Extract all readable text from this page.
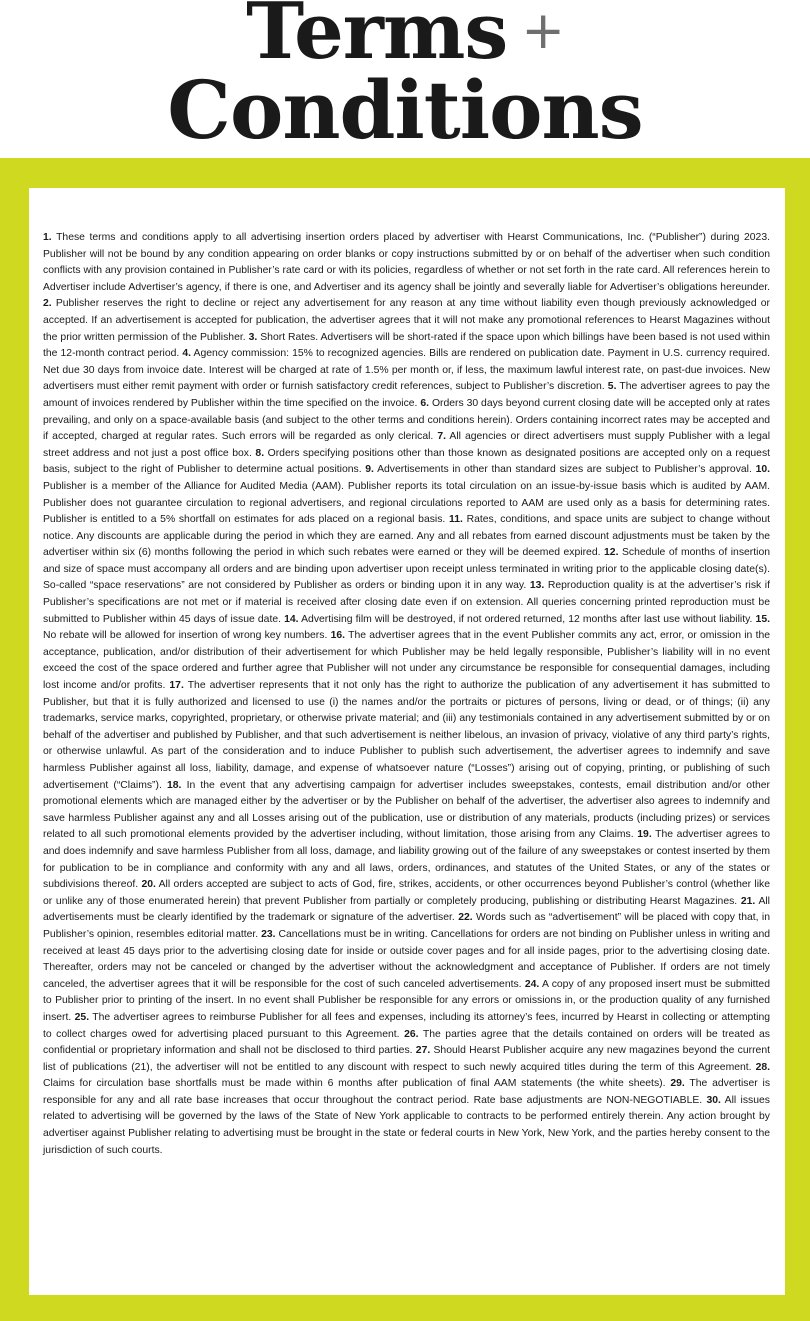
Terms +
Conditions

1. These terms and conditions apply to all advertising insertion orders placed by advertiser with Hearst Communications, Inc. (“Publisher”) during 2023. Publisher will not be bound by any condition appearing on order blanks or copy instructions submitted by or on behalf of the advertiser when such condition conflicts with any provision contained in Publisher’s rate card or with its policies, regardless of whether or not set forth in the rate card. All references herein to Advertiser include Advertiser’s agency, if there is one, and Advertiser and its agency shall be jointly and severally liable for Advertiser’s obligations hereunder. 2. Publisher reserves the right to decline or reject any advertisement for any reason at any time without liability even though previously acknowledged or accepted. If an advertisement is accepted for publication, the advertiser agrees that it will not make any promotional references to Hearst Magazines without the prior written permission of the Publisher. 3. Short Rates. Advertisers will be short-rated if the space upon which billings have been based is not used within the 12-month contract period. 4. Agency commission: 15% to recognized agencies. Bills are rendered on publication date. Payment in U.S. currency required. Net due 30 days from invoice date. Interest will be charged at rate of 1.5% per month or, if less, the maximum lawful interest rate, on past-due invoices. New advertisers must either remit payment with order or furnish satisfactory credit references, subject to Publisher’s discretion. 5. The advertiser agrees to pay the amount of invoices rendered by Publisher within the time specified on the invoice. 6. Orders 30 days beyond current closing date will be accepted only at rates prevailing, and only on a space-available basis (and subject to the other terms and conditions herein). Orders containing incorrect rates may be accepted and if accepted, charged at regular rates. Such errors will be regarded as only clerical. 7. All agencies or direct advertisers must supply Publisher with a legal street address and not just a post office box. 8. Orders specifying positions other than those known as designated positions are accepted only on a request basis, subject to the right of Publisher to determine actual positions. 9. Advertisements in other than standard sizes are subject to Publisher’s approval. 10. Publisher is a member of the Alliance for Audited Media (AAM). Publisher reports its total circulation on an issue-by-issue basis which is audited by AAM. Publisher does not guarantee circulation to regional advertisers, and regional circulations reported to AAM are used only as a basis for determining rates. Publisher is entitled to a 5% shortfall on estimates for ads placed on a regional basis. 11. Rates, conditions, and space units are subject to change without notice. Any discounts are applicable during the period in which they are earned. Any and all rebates from earned discount adjustments must be taken by the advertiser within six (6) months following the period in which such rebates were earned or they will be deemed expired. 12. Schedule of months of insertion and size of space must accompany all orders and are binding upon advertiser upon receipt unless terminated in writing prior to the applicable closing date(s). So-called “space reservations” are not considered by Publisher as orders or binding upon it in any way. 13. Reproduction quality is at the advertiser’s risk if Publisher’s specifications are not met or if material is received after closing date even if on extension. All queries concerning printed reproduction must be submitted to Publisher within 45 days of issue date. 14. Advertising film will be destroyed, if not ordered returned, 12 months after last use without liability. 15. No rebate will be allowed for insertion of wrong key numbers. 16. The advertiser agrees that in the event Publisher commits any act, error, or omission in the acceptance, publication, and/or distribution of their advertisement for which Publisher may be held legally responsible, Publisher’s liability will in no event exceed the cost of the space ordered and further agree that Publisher will not under any circumstance be responsible for consequential damages, including lost income and/or profits. 17. The advertiser represents that it not only has the right to authorize the publication of any advertisement it has submitted to Publisher, but that it is fully authorized and licensed to use (i) the names and/or the portraits or pictures of persons, living or dead, or of things; (ii) any trademarks, service marks, copyrighted, proprietary, or otherwise private material; and (iii) any testimonials contained in any advertisement submitted by or on behalf of the advertiser and published by Publisher, and that such advertisement is neither libelous, an invasion of privacy, violative of any third party’s rights, or otherwise unlawful. As part of the consideration and to induce Publisher to publish such advertisement, the advertiser agrees to indemnify and save harmless Publisher against all loss, liability, damage, and expense of whatsoever nature (“Losses”) arising out of copying, printing, or publishing of such advertisement (“Claims”). 18. In the event that any advertising campaign for advertiser includes sweepstakes, contests, email distribution and/or other promotional elements which are managed either by the advertiser or by the Publisher on behalf of the advertiser, the advertiser also agrees to indemnify and save harmless Publisher against any and all Losses arising out of the publication, use or distribution of any materials, products (including prizes) or services related to all such promotional elements provided by the advertiser including, without limitation, those arising from any Claims. 19. The advertiser agrees to and does indemnify and save harmless Publisher from all loss, damage, and liability growing out of the failure of any sweepstakes or contest inserted by them for publication to be in compliance and conformity with any and all laws, orders, ordinances, and statutes of the United States, or any of the states or subdivisions thereof. 20. All orders accepted are subject to acts of God, fire, strikes, accidents, or other occurrences beyond Publisher’s control (whether like or unlike any of those enumerated herein) that prevent Publisher from partially or completely producing, publishing or distributing Hearst Magazines. 21. All advertisements must be clearly identified by the trademark or signature of the advertiser. 22. Words such as “advertisement” will be placed with copy that, in Publisher’s opinion, resembles editorial matter. 23. Cancellations must be in writing. Cancellations for orders are not binding on Publisher unless in writing and received at least 45 days prior to the advertising closing date for inside or outside cover pages and for all inside pages, prior to the advertising closing date. Thereafter, orders may not be canceled or changed by the advertiser without the acknowledgment and acceptance of Publisher. If orders are not timely canceled, the advertiser agrees that it will be responsible for the cost of such canceled advertisements. 24. A copy of any proposed insert must be submitted to Publisher prior to printing of the insert. In no event shall Publisher be responsible for any errors or omissions in, or the production quality of any furnished insert. 25. The advertiser agrees to reimburse Publisher for all fees and expenses, including its attorney’s fees, incurred by Hearst in collecting or attempting to collect charges owed for advertising placed pursuant to this Agreement. 26. The parties agree that the details contained on orders will be treated as confidential or proprietary information and shall not be disclosed to third parties. 27. Should Hearst Publisher acquire any new magazines beyond the current list of publications (21), the advertiser will not be entitled to any discount with respect to such newly acquired titles during the term of this Agreement. 28. Claims for circulation base shortfalls must be made within 6 months after publication of final AAM statements (the white sheets). 29. The advertiser is responsible for any and all rate base increases that occur throughout the contract period. Rate base adjustments are NON-NEGOTIABLE. 30. All issues related to advertising will be governed by the laws of the State of New York applicable to contracts to be performed entirely therein. Any action brought by advertiser against Publisher relating to advertising must be brought in the state or federal courts in New York, New York, and the parties hereby consent to the jurisdiction of such courts.
